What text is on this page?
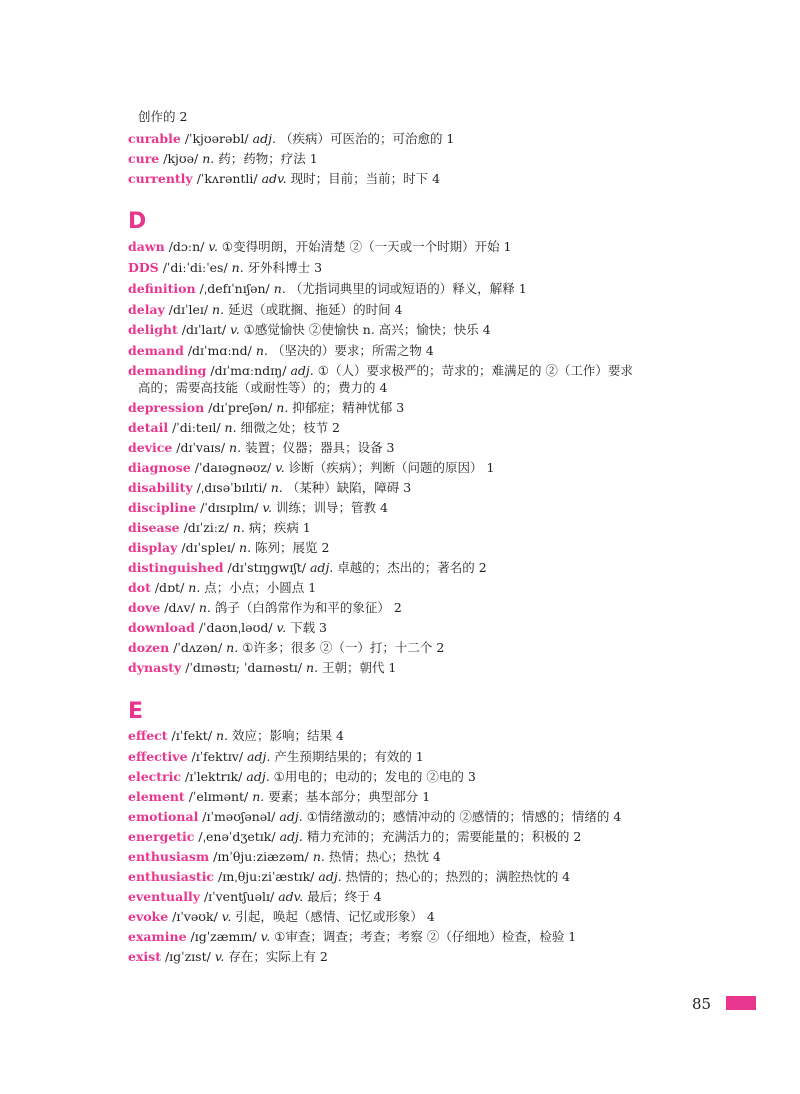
创作的 2
curable /ˈkjʊərəbl/ adj. （疾病）可医治的；可治愈的 1
cure /kjʊə/ n. 药；药物；疗法 1
currently /ˈkʌrəntli/ adv. 现时；目前；当前；时下 4
D
dawn /dɔːn/ v. ①变得明朗，开始清楚 ②（一天或一个时期）开始 1
DDS /ˈdiːˈdiːˈes/ n. 牙外科博士 3
definition /ˌdefɪˈnɪʃən/ n. （尤指词典里的词或短语的）释义，解释 1
delay /dɪˈleɪ/ n. 延迟（或耽搁、拖延）的时间 4
delight /dɪˈlaɪt/ v. ①感觉愉快 ②使愉快 n. 高兴；愉快；快乐 4
demand /dɪˈmɑːnd/ n. （坚决的）要求；所需之物 4
demanding /dɪˈmɑːndɪŋ/ adj. ①（人）要求极严的；苛求的；难满足的 ②（工作）要求
高的；需要高技能（或耐性等）的；费力的 4
depression /dɪˈpreʃən/ n. 抑郁症；精神忧郁 3
detail /ˈdiːteɪl/ n. 细微之处；枝节 2
device /dɪˈvaɪs/ n. 装置；仪器；器具；设备 3
diagnose /ˈdaɪəgnəʊz/ v. 诊断（疾病）；判断（问题的原因） 1
disability /ˌdɪsəˈbɪlɪti/ n. （某种）缺陷，障碍 3
discipline /ˈdɪsɪplɪn/ v. 训练；训导；管教 4
disease /dɪˈziːz/ n. 病；疾病 1
display /dɪˈspleɪ/ n. 陈列；展览 2
distinguished /dɪˈstɪŋgwɪʃt/ adj. 卓越的；杰出的；著名的 2
dot /dɒt/ n. 点；小点；小圆点 1
dove /dʌv/ n. 鸽子（白鸽常作为和平的象征） 2
download /ˈdaʊnˌləʊd/ v. 下载 3
dozen /ˈdʌzən/ n. ①许多；很多 ②（一）打；十二个 2
dynasty /ˈdɪnəstɪ; ˈdaɪnəstɪ/ n. 王朝；朝代 1
E
effect /ɪˈfekt/ n. 效应；影响；结果 4
effective /ɪˈfektɪv/ adj. 产生预期结果的；有效的 1
electric /ɪˈlektrɪk/ adj. ①用电的；电动的；发电的 ②电的 3
element /ˈelɪmənt/ n. 要素；基本部分；典型部分 1
emotional /ɪˈməʊʃənəl/ adj. ①情绪激动的；感情冲动的 ②感情的；情感的；情绪的 4
energetic /ˌenəˈdʒetɪk/ adj. 精力充沛的；充满活力的；需要能量的；积极的 2
enthusiasm /ɪnˈθjuːziæzəm/ n. 热情；热心；热忱 4
enthusiastic /ɪnˌθjuːziˈæstɪk/ adj. 热情的；热心的；热烈的；满腔热忱的 4
eventually /ɪˈventʃuəlɪ/ adv. 最后；终于 4
evoke /ɪˈvəʊk/ v. 引起，唤起（感情、记忆或形象） 4
examine /ɪgˈzæmɪn/ v. ①审查；调查；考查；考察 ②（仔细地）检查，检验 1
exist /ɪgˈzɪst/ v. 存在；实际上有 2
85
